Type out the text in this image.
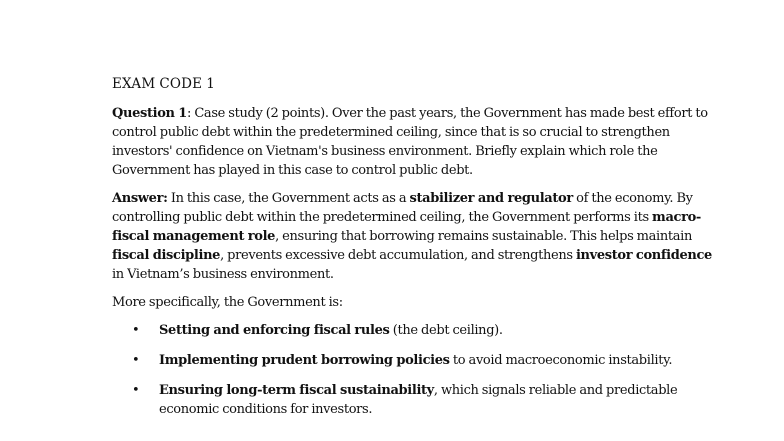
EXAM CODE 1

Question 1: Case study (2 points). Over the past years, the Government has made best effort to control public debt within the predetermined ceiling, since that is so crucial to strengthen investors' confidence on Vietnam's business environment. Briefly explain which role the Government has played in this case to control public debt.

Answer: In this case, the Government acts as a stabilizer and regulator of the economy. By controlling public debt within the predetermined ceiling, the Government performs its macro-fiscal management role, ensuring that borrowing remains sustainable. This helps maintain fiscal discipline, prevents excessive debt accumulation, and strengthens investor confidence in Vietnam’s business environment.

More specifically, the Government is:

• Setting and enforcing fiscal rules (the debt ceiling).
• Implementing prudent borrowing policies to avoid macroeconomic instability.
• Ensuring long-term fiscal sustainability, which signals reliable and predictable economic conditions for investors.
